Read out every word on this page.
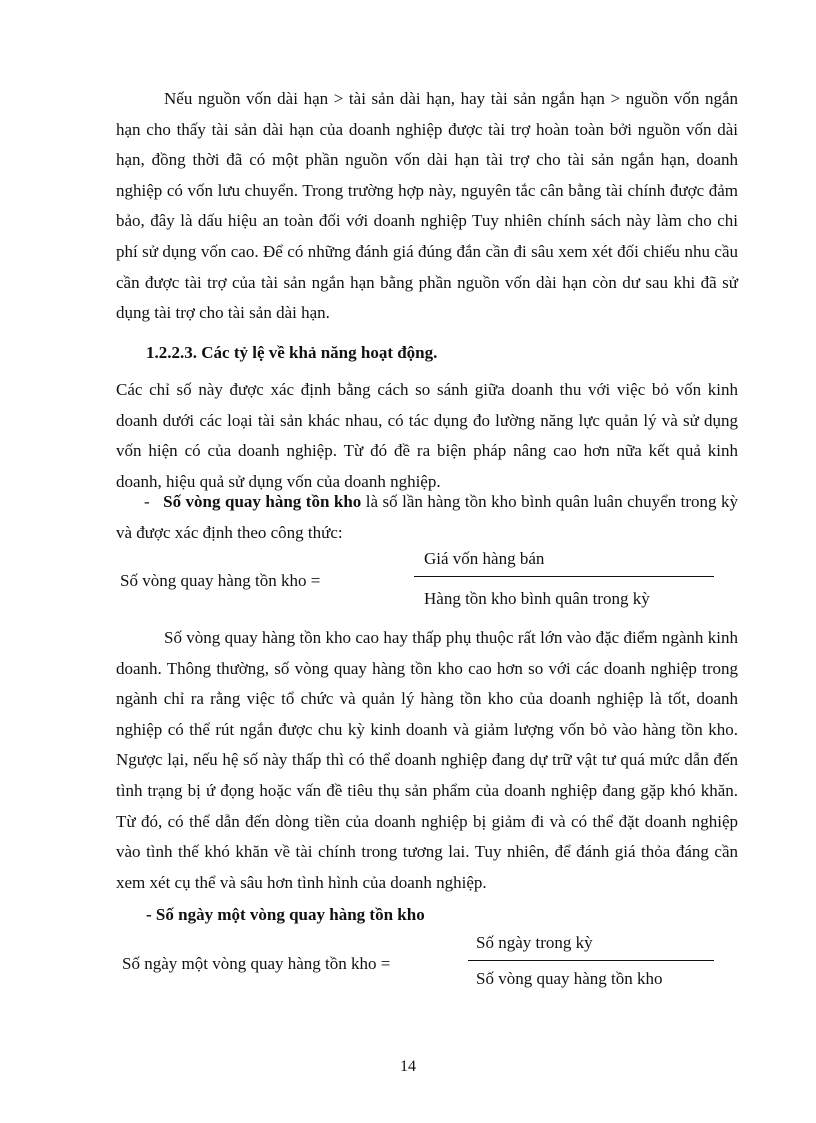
Nếu nguồn vốn dài hạn > tài sản dài hạn, hay tài sản ngắn hạn > nguồn vốn ngắn hạn cho thấy tài sản dài hạn của doanh nghiệp được tài trợ hoàn toàn bởi nguồn vốn dài hạn, đồng thời đã có một phần nguồn vốn dài hạn tài trợ cho tài sản ngắn hạn, doanh nghiệp có vốn lưu chuyển. Trong trường hợp này, nguyên tắc cân bằng tài chính được đảm bảo, đây là dấu hiệu an toàn đối với doanh nghiệp Tuy nhiên chính sách này làm cho chi phí sử dụng vốn cao. Để có những đánh giá đúng đắn cần đi sâu xem xét đối chiếu nhu cầu cần được tài trợ của tài sản ngắn hạn bằng phần nguồn vốn dài hạn còn dư sau khi đã sử dụng tài trợ cho tài sản dài hạn.

1.2.2.3. Các tỷ lệ về khả năng hoạt động.

Các chỉ số này được xác định bằng cách so sánh giữa doanh thu với việc bỏ vốn kinh doanh dưới các loại tài sản khác nhau, có tác dụng đo lường năng lực quản lý và sử dụng vốn hiện có của doanh nghiệp. Từ đó đề ra biện pháp nâng cao hơn nữa kết quả kinh doanh, hiệu quả sử dụng vốn của doanh nghiệp.

- Số vòng quay hàng tồn kho là số lần hàng tồn kho bình quân luân chuyển trong kỳ và được xác định theo công thức:

Số vòng quay hàng tồn kho =
Giá vốn hàng bán
Hàng tồn kho bình quân trong kỳ

Số vòng quay hàng tồn kho cao hay thấp phụ thuộc rất lớn vào đặc điểm ngành kinh doanh. Thông thường, số vòng quay hàng tồn kho cao hơn so với các doanh nghiệp trong ngành chỉ ra rằng việc tổ chức và quản lý hàng tồn kho của doanh nghiệp là tốt, doanh nghiệp có thể rút ngắn được chu kỳ kinh doanh và giảm lượng vốn bỏ vào hàng tồn kho. Ngược lại, nếu hệ số này thấp thì có thể doanh nghiệp đang dự trữ vật tư quá mức dẫn đến tình trạng bị ứ đọng hoặc vấn đề tiêu thụ sản phẩm của doanh nghiệp đang gặp khó khăn. Từ đó, có thể dẫn đến dòng tiền của doanh nghiệp bị giảm đi và có thể đặt doanh nghiệp vào tình thế khó khăn về tài chính trong tương lai. Tuy nhiên, để đánh giá thỏa đáng cần xem xét cụ thể và sâu hơn tình hình của doanh nghiệp.

- Số ngày một vòng quay hàng tồn kho

Số ngày một vòng quay hàng tồn kho =
Số ngày trong kỳ
Số vòng quay hàng tồn kho
14
